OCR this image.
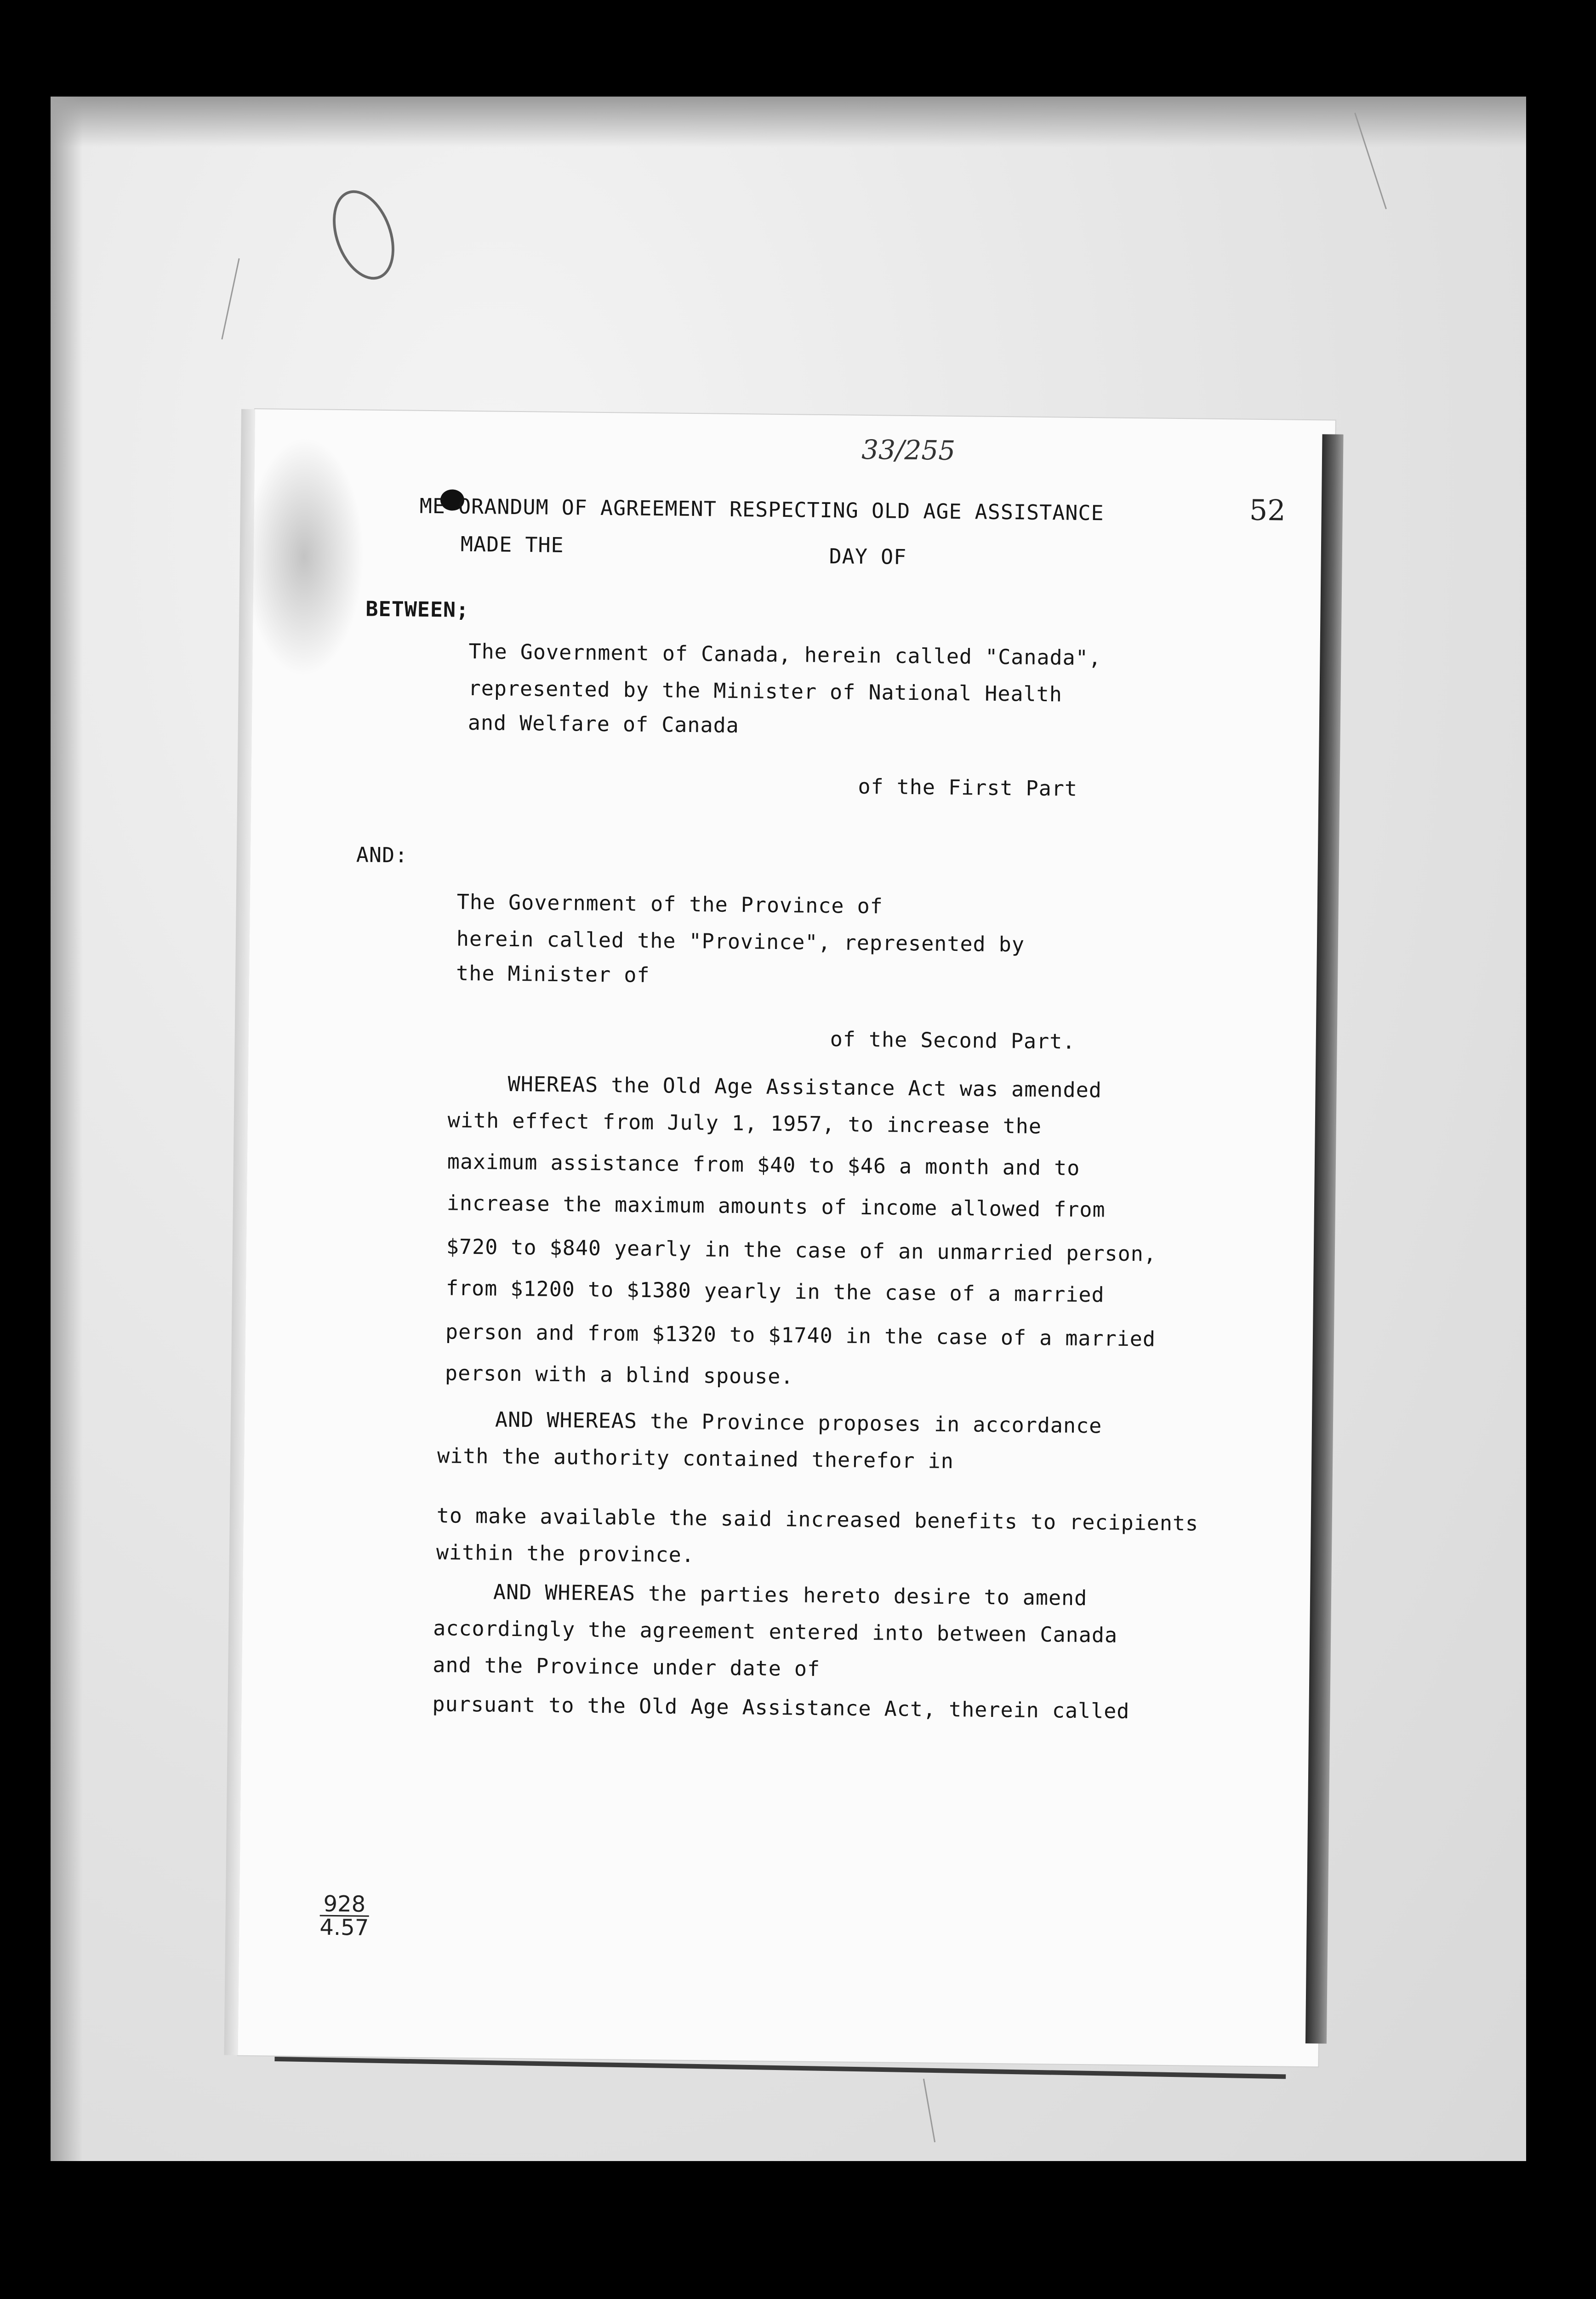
33/255
52
ME ORANDUM OF AGREEMENT RESPECTING OLD AGE ASSISTANCE
MADE THE	DAY OF
BETWEEN;
The Government of Canada, herein called "Canada",
represented by the Minister of National Health
and Welfare of Canada
of the First Part
AND:
The Government of the Province of
herein called the "Province", represented by
the Minister of
of the Second Part.
WHEREAS the Old Age Assistance Act was amended
with effect from July 1, 1957, to increase the
maximum assistance from $40 to $46 a month and to
increase the maximum amounts of income allowed from
$720 to $840 yearly in the case of an unmarried person,
from $1200 to $1380 yearly in the case of a married
person and from $1320 to $1740 in the case of a married
person with a blind spouse.
AND WHEREAS the Province proposes in accordance
with the authority contained therefor in
to make available the said increased benefits to recipients
within the province.
AND WHEREAS the parties hereto desire to amend
accordingly the agreement entered into between Canada
and the Province under date of
pursuant to the Old Age Assistance Act, therein called
928
4.57
